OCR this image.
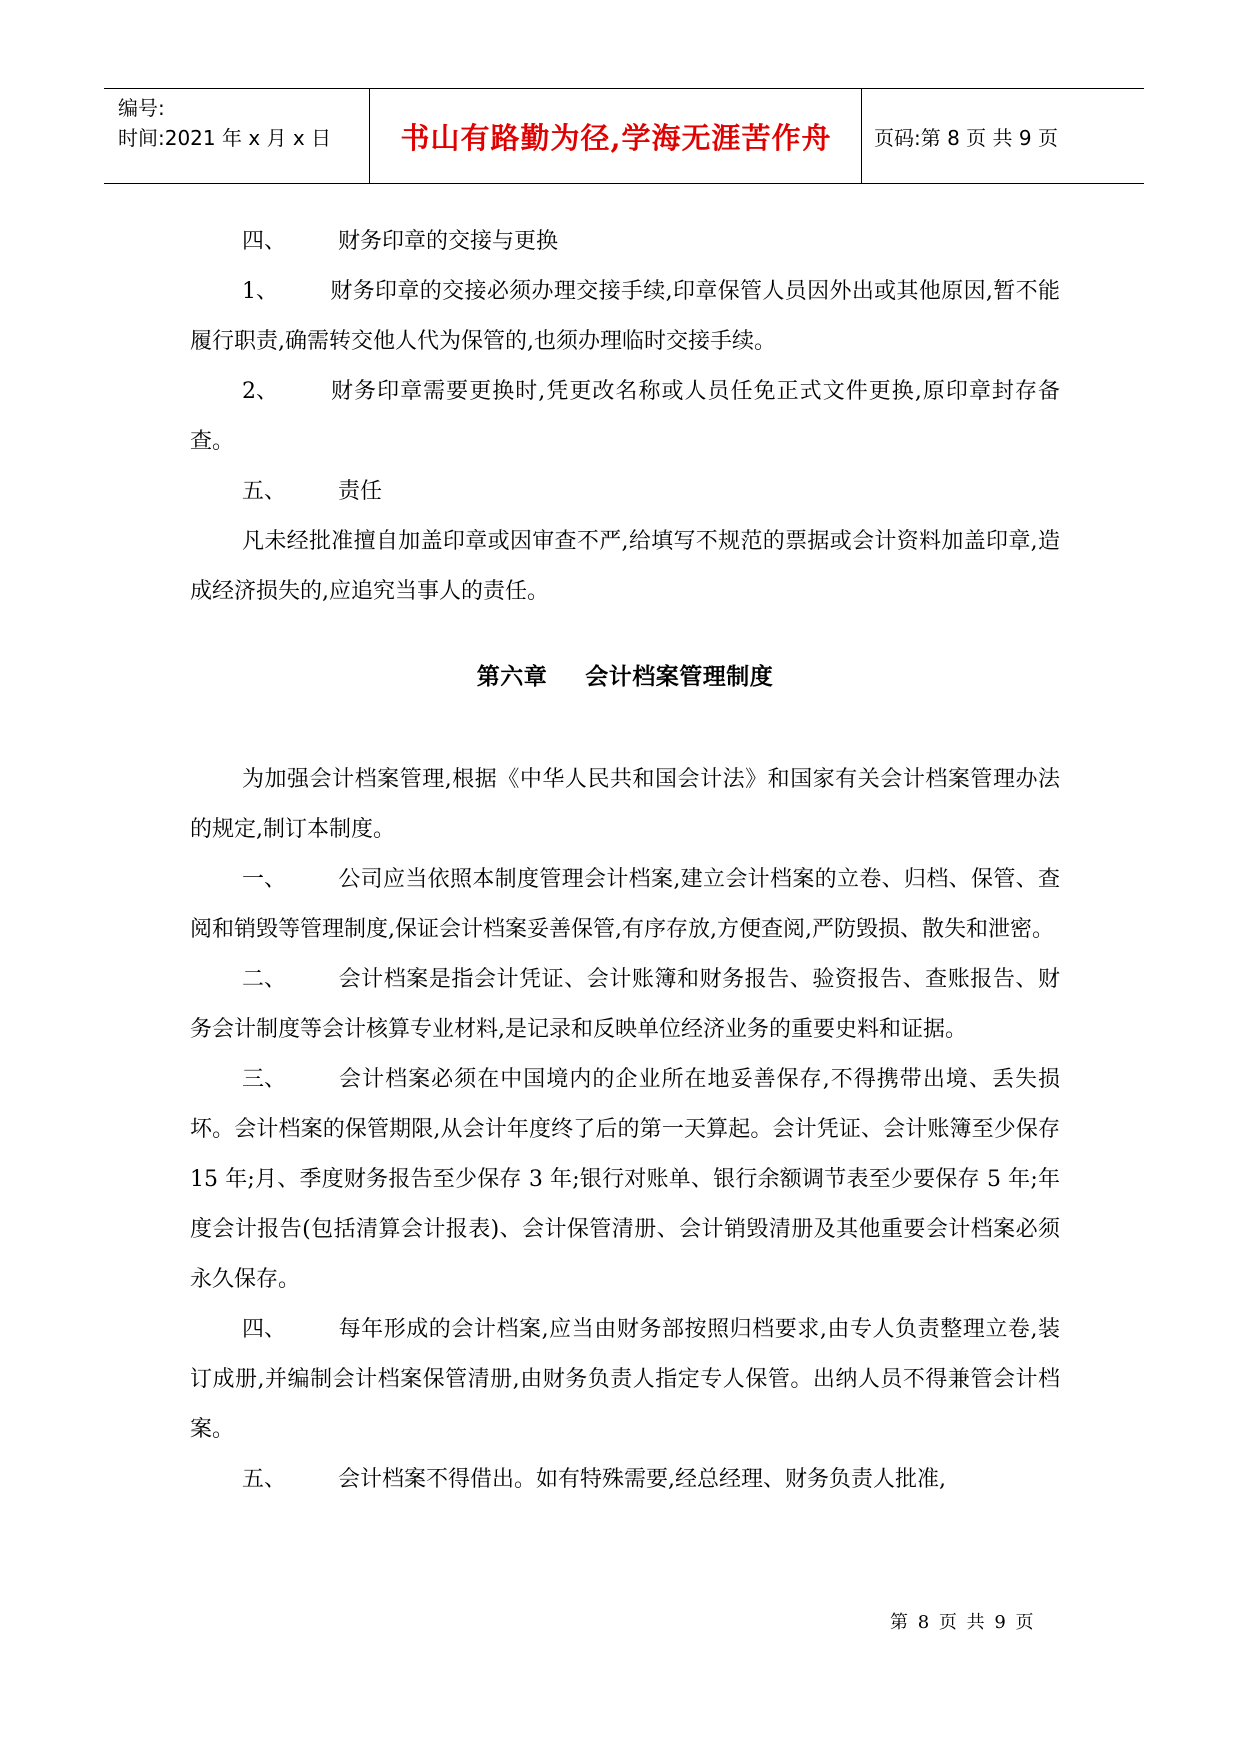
编号:
时间:2021 年 x 月 x 日	书山有路勤为径,学海无涯苦作舟	页码:第 8 页 共 9 页

四、 财务印章的交接与更换

1、 财务印章的交接必须办理交接手续,印章保管人员因外出或其他原因,暂不能履行职责,确需转交他人代为保管的,也须办理临时交接手续。

2、 财务印章需要更换时,凭更改名称或人员任免正式文件更换,原印章封存备查。

五、 责任

凡未经批准擅自加盖印章或因审查不严,给填写不规范的票据或会计资料加盖印章,造成经济损失的,应追究当事人的责任。

第六章 会计档案管理制度

为加强会计档案管理,根据《中华人民共和国会计法》和国家有关会计档案管理办法的规定,制订本制度。

一、 公司应当依照本制度管理会计档案,建立会计档案的立卷、归档、保管、查阅和销毁等管理制度,保证会计档案妥善保管,有序存放,方便查阅,严防毁损、散失和泄密。

二、 会计档案是指会计凭证、会计账簿和财务报告、验资报告、查账报告、财务会计制度等会计核算专业材料,是记录和反映单位经济业务的重要史料和证据。

三、 会计档案必须在中国境内的企业所在地妥善保存,不得携带出境、丢失损坏。会计档案的保管期限,从会计年度终了后的第一天算起。会计凭证、会计账簿至少保存 15 年;月、季度财务报告至少保存 3 年;银行对账单、银行余额调节表至少要保存 5 年;年度会计报告(包括清算会计报表)、会计保管清册、会计销毁清册及其他重要会计档案必须永久保存。

四、 每年形成的会计档案,应当由财务部按照归档要求,由专人负责整理立卷,装订成册,并编制会计档案保管清册,由财务负责人指定专人保管。出纳人员不得兼管会计档案。

五、 会计档案不得借出。如有特殊需要,经总经理、财务负责人批准,

第 8 页 共 9 页
